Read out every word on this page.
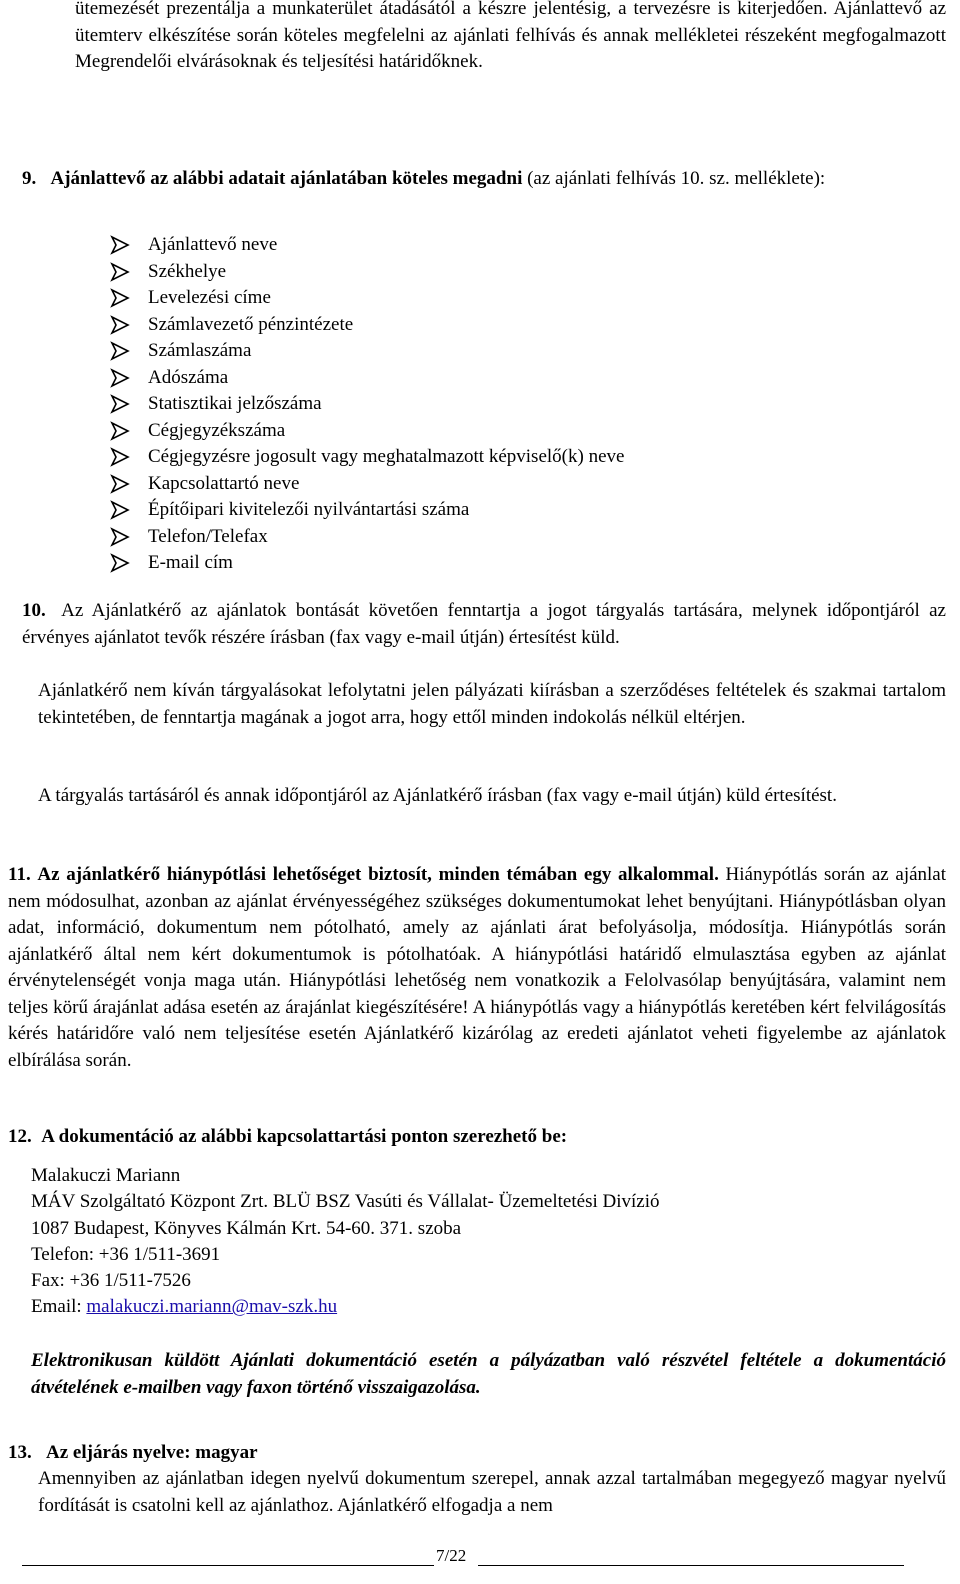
ütemezését prezentálja a munkaterület átadásától a készre jelentésig, a tervezésre is kiterjedően. Ajánlattevő az ütemterv elkészítése során köteles megfelelni az ajánlati felhívás és annak mellékletei részeként megfogalmazott Megrendelői elvárásoknak és teljesítési határidőknek.

9. Ajánlattevő az alábbi adatait ajánlatában köteles megadni (az ajánlati felhívás 10. sz. melléklete):

Ajánlattevő neve
Székhelye
Levelezési címe
Számlavezető pénzintézete
Számlaszáma
Adószáma
Statisztikai jelzőszáma
Cégjegyzékszáma
Cégjegyzésre jogosult vagy meghatalmazott képviselő(k) neve
Kapcsolattartó neve
Építőipari kivitelezői nyilvántartási száma
Telefon/Telefax
E-mail cím

10. Az Ajánlatkérő az ajánlatok bontását követően fenntartja a jogot tárgyalás tartására, melynek időpontjáról az érvényes ajánlatot tevők részére írásban (fax vagy e-mail útján) értesítést küld.

Ajánlatkérő nem kíván tárgyalásokat lefolytatni jelen pályázati kiírásban a szerződéses feltételek és szakmai tartalom tekintetében, de fenntartja magának a jogot arra, hogy ettől minden indokolás nélkül eltérjen.

A tárgyalás tartásáról és annak időpontjáról az Ajánlatkérő írásban (fax vagy e-mail útján) küld értesítést.

11. Az ajánlatkérő hiánypótlási lehetőséget biztosít, minden témában egy alkalommal. Hiánypótlás során az ajánlat nem módosulhat, azonban az ajánlat érvényességéhez szükséges dokumentumokat lehet benyújtani. Hiánypótlásban olyan adat, információ, dokumentum nem pótolható, amely az ajánlati árat befolyásolja, módosítja. Hiánypótlás során ajánlatkérő által nem kért dokumentumok is pótolhatóak. A hiánypótlási határidő elmulasztása egyben az ajánlat érvénytelenségét vonja maga után. Hiánypótlási lehetőség nem vonatkozik a Felolvasólap benyújtására, valamint nem teljes körű árajánlat adása esetén az árajánlat kiegészítésére! A hiánypótlás vagy a hiánypótlás keretében kért felvilágosítás kérés határidőre való nem teljesítése esetén Ajánlatkérő kizárólag az eredeti ajánlatot veheti figyelembe az ajánlatok elbírálása során.

12. A dokumentáció az alábbi kapcsolattartási ponton szerezhető be:

Malakuczi Mariann
MÁV Szolgáltató Központ Zrt. BLÜ BSZ Vasúti és Vállalat- Üzemeltetési Divízió
1087 Budapest, Könyves Kálmán Krt. 54-60. 371. szoba
Telefon: +36 1/511-3691
Fax: +36 1/511-7526
Email: malakuczi.mariann@mav-szk.hu

Elektronikusan küldött Ajánlati dokumentáció esetén a pályázatban való részvétel feltétele a dokumentáció átvételének e-mailben vagy faxon történő visszaigazolása.

13. Az eljárás nyelve: magyar

Amennyiben az ajánlatban idegen nyelvű dokumentum szerepel, annak azzal tartalmában megegyező magyar nyelvű fordítását is csatolni kell az ajánlathoz. Ajánlatkérő elfogadja a nem

7/22
